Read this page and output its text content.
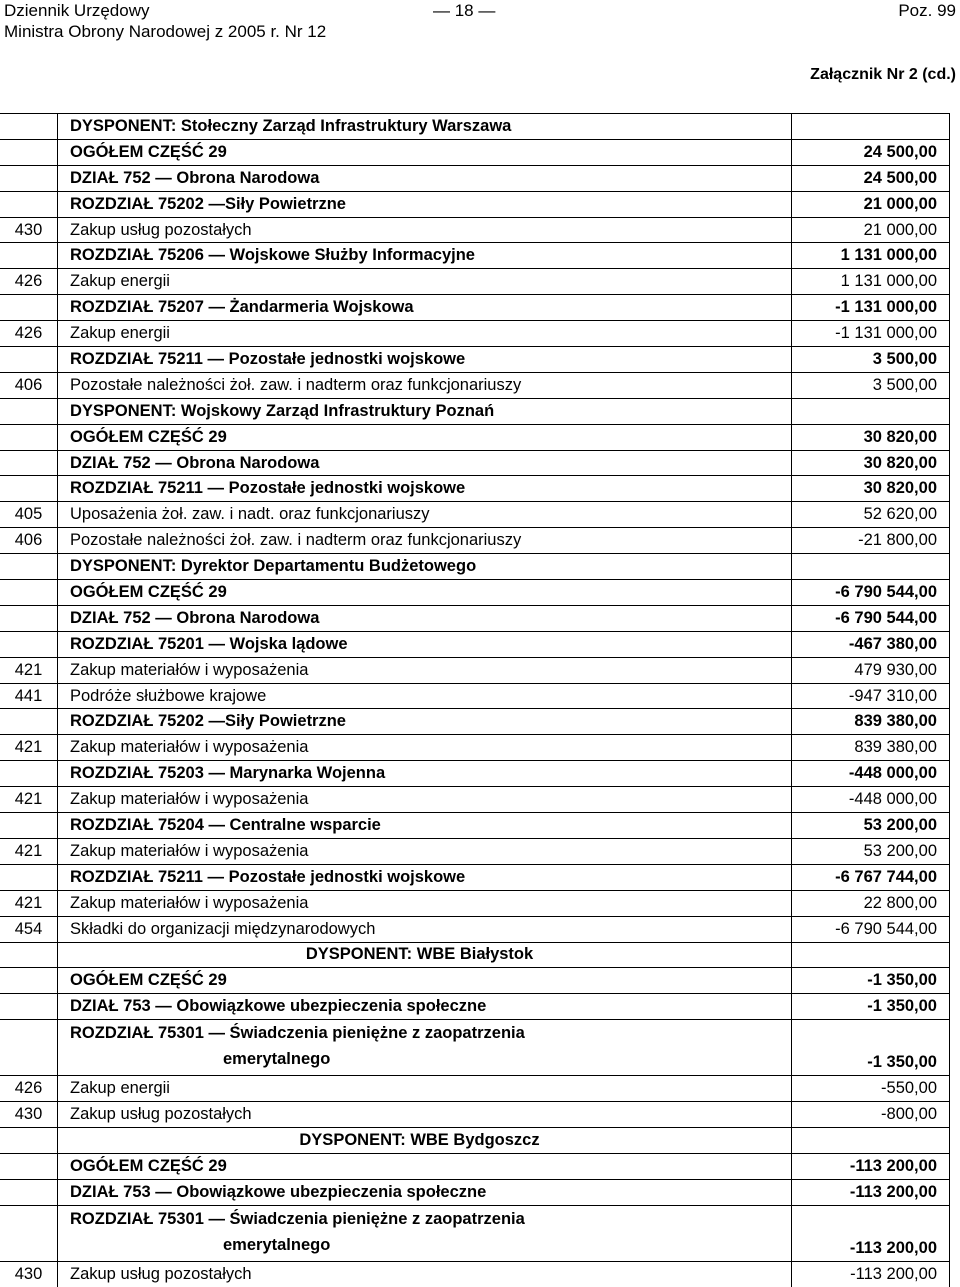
Dziennik Urzędowy
Ministra Obrony Narodowej z 2005 r. Nr 12
— 18 —	Poz. 99
Załącznik Nr 2 (cd.)
	DYSPONENT: Stołeczny Zarząd Infrastruktury Warszawa	
	OGÓŁEM CZĘŚĆ 29	24 500,00
	DZIAŁ 752 — Obrona Narodowa	24 500,00
	ROZDZIAŁ 75202 —Siły Powietrzne	21 000,00
430	Zakup usług pozostałych	21 000,00
	ROZDZIAŁ 75206 — Wojskowe Służby Informacyjne	1 131 000,00
426	Zakup energii	1 131 000,00
	ROZDZIAŁ 75207 — Żandarmeria Wojskowa	-1 131 000,00
426	Zakup energii	-1 131 000,00
	ROZDZIAŁ 75211 — Pozostałe jednostki wojskowe	3 500,00
406	Pozostałe należności żoł. zaw. i nadterm oraz funkcjonariuszy	3 500,00
	DYSPONENT: Wojskowy Zarząd Infrastruktury Poznań	
	OGÓŁEM CZĘŚĆ 29	30 820,00
	DZIAŁ 752 — Obrona Narodowa	30 820,00
	ROZDZIAŁ 75211 — Pozostałe jednostki wojskowe	30 820,00
405	Uposażenia żoł. zaw. i nadt. oraz funkcjonariuszy	52 620,00
406	Pozostałe należności żoł. zaw. i nadterm oraz funkcjonariuszy	-21 800,00
	DYSPONENT: Dyrektor Departamentu Budżetowego	
	OGÓŁEM CZĘŚĆ 29	-6 790 544,00
	DZIAŁ 752 — Obrona Narodowa	-6 790 544,00
	ROZDZIAŁ 75201 — Wojska lądowe	-467 380,00
421	Zakup materiałów i wyposażenia	479 930,00
441	Podróże służbowe krajowe	-947 310,00
	ROZDZIAŁ 75202 —Siły Powietrzne	839 380,00
421	Zakup materiałów i wyposażenia	839 380,00
	ROZDZIAŁ 75203 — Marynarka Wojenna	-448 000,00
421	Zakup materiałów i wyposażenia	-448 000,00
	ROZDZIAŁ 75204 — Centralne wsparcie	53 200,00
421	Zakup materiałów i wyposażenia	53 200,00
	ROZDZIAŁ 75211 — Pozostałe jednostki wojskowe	-6 767 744,00
421	Zakup materiałów i wyposażenia	22 800,00
454	Składki do organizacji międzynarodowych	-6 790 544,00
	DYSPONENT: WBE Białystok	
	OGÓŁEM CZĘŚĆ 29	-1 350,00
	DZIAŁ 753 — Obowiązkowe ubezpieczenia społeczne	-1 350,00

	ROZDZIAŁ 75301 — Świadczenia pieniężne z zaopatrzenia
emerytalnego	-1 350,00
426	Zakup energii	-550,00
430	Zakup usług pozostałych	-800,00
	DYSPONENT: WBE Bydgoszcz	
	OGÓŁEM CZĘŚĆ 29	-113 200,00
	DZIAŁ 753 — Obowiązkowe ubezpieczenia społeczne	-113 200,00

	ROZDZIAŁ 75301 — Świadczenia pieniężne z zaopatrzenia
emerytalnego	-113 200,00
430	Zakup usług pozostałych	-113 200,00
